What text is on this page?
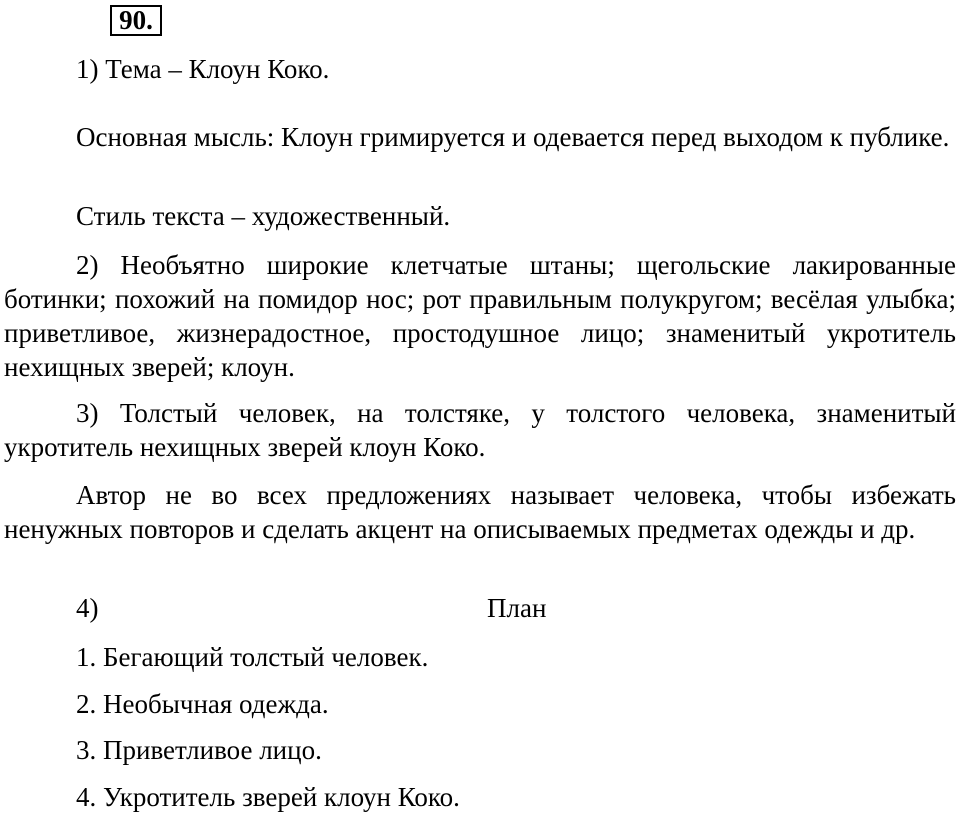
90.
1) Тема – Клоун Коко.
Основная мысль: Клоун гримируется и одевается перед выходом к публике.
Стиль текста – художественный.
2) Необъятно широкие клетчатые штаны; щегольские лакированные ботинки; похожий на помидор нос; рот правильным полукругом; весёлая улыбка; приветливое, жизнерадостное, простодушное лицо; знаменитый укротитель нехищных зверей; клоун.
3) Толстый человек, на толстяке, у толстого человека, знаменитый укротитель нехищных зверей клоун Коко.
Автор не во всех предложениях называет человека, чтобы избежать ненужных повторов и сделать акцент на описываемых предметах одежды и др.
4)	План
1. Бегающий толстый человек.
2. Необычная одежда.
3. Приветливое лицо.
4. Укротитель зверей клоун Коко.
